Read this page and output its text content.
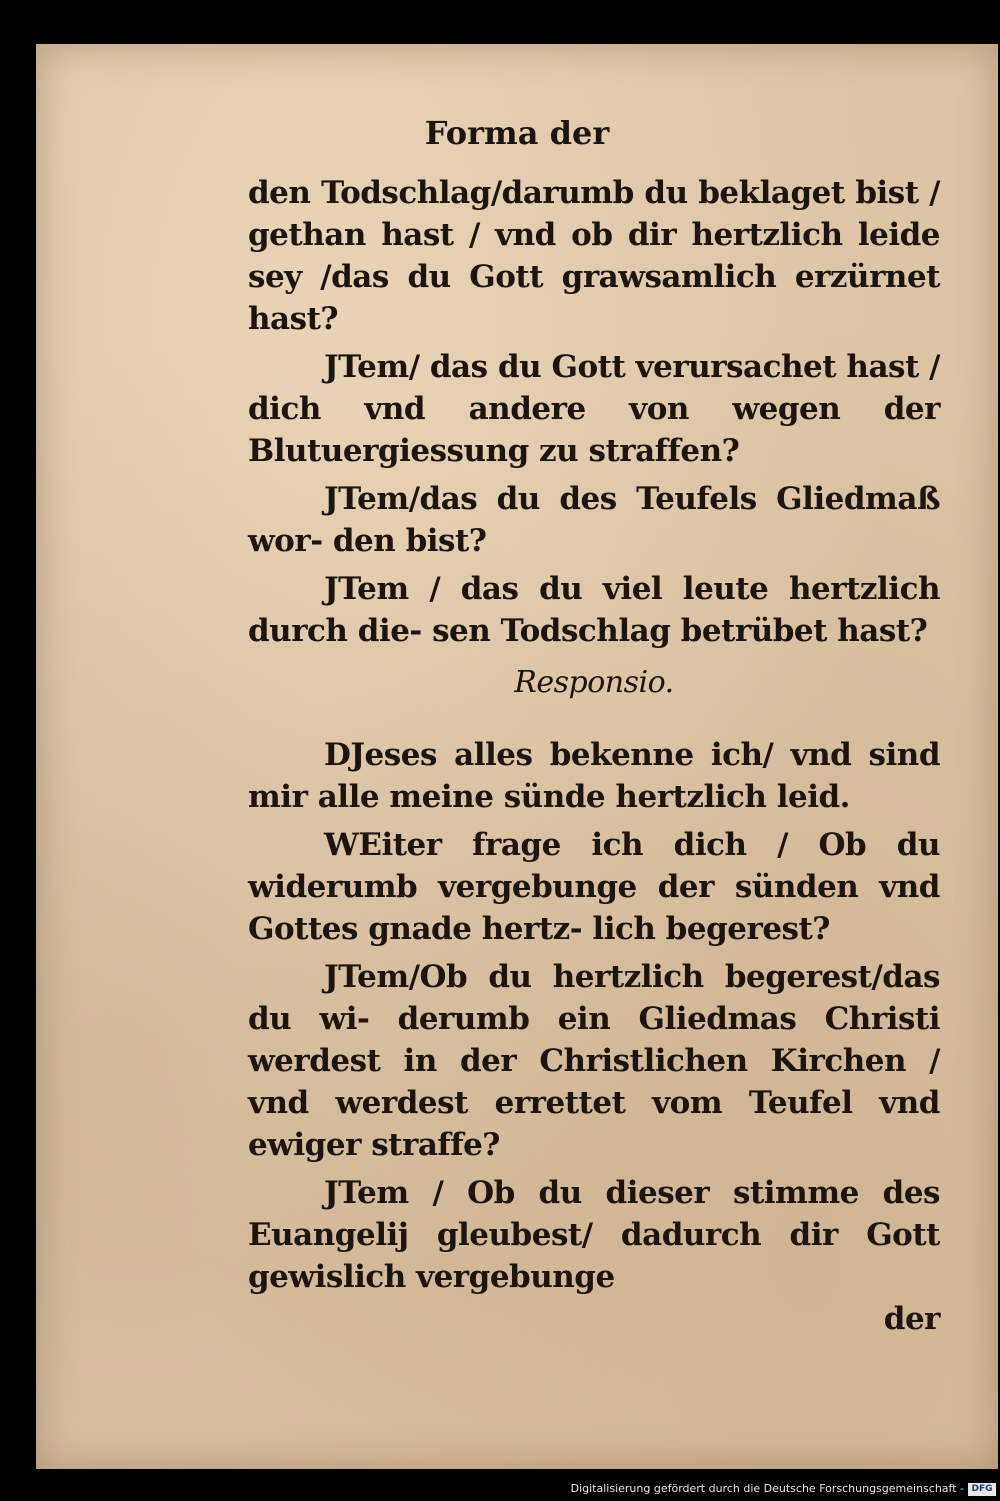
Forma der

den Todschlag/darumb du beklaget bist / gethan hast / vnd ob dir hertzlich leide sey /das du Gott grawsamlich erzürnet hast?

JTem/ das du Gott verursachet hast / dich vnd andere von wegen der Blutuergiessung zu straffen?

JTem/das du des Teufels Gliedmaß wor- den bist?

JTem / das du viel leute hertzlich durch die- sen Todschlag betrübet hast?

Responsio.

DJeses alles bekenne ich/ vnd sind mir alle meine sünde hertzlich leid.

WEiter frage ich dich / Ob du widerumb vergebunge der sünden vnd Gottes gnade hertz- lich begerest?

JTem/Ob du hertzlich begerest/das du wi- derumb ein Gliedmas Christi werdest in der Christlichen Kirchen / vnd werdest errettet vom Teufel vnd ewiger straffe?

JTem / Ob du dieser stimme des Euangelij gleubest/ dadurch dir Gott gewislich vergebunge

der

Digitalisierung gefördert durch die Deutsche Forschungsgemeinschaft - DFG
